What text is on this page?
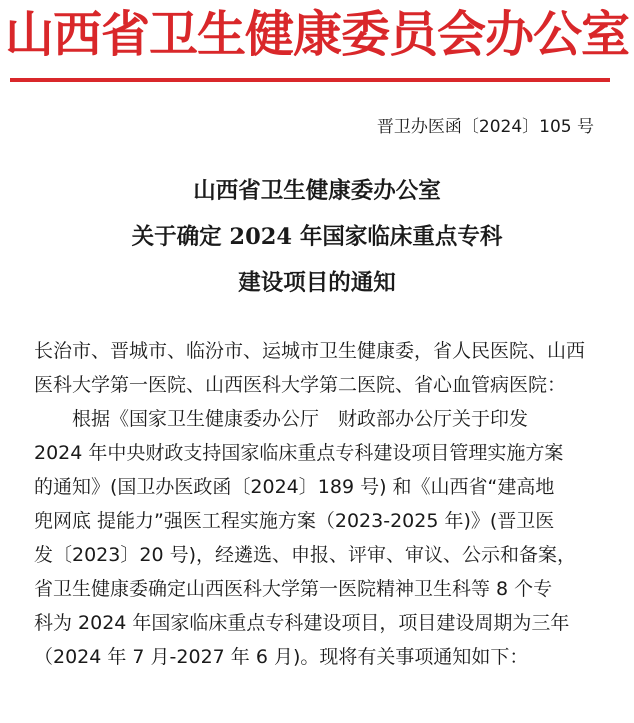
山西省卫生健康委员会办公室
晋卫办医函〔2024〕105 号
山西省卫生健康委办公室
关于确定 2024 年国家临床重点专科
建设项目的通知
长治市、晋城市、临汾市、运城市卫生健康委，省人民医院、山西
医科大学第一医院、山西医科大学第二医院、省心血管病医院：
根据《国家卫生健康委办公厅　财政部办公厅关于印发
2024 年中央财政支持国家临床重点专科建设项目管理实施方案
的通知》(国卫办医政函〔2024〕189 号) 和《山西省“建高地
兜网底 提能力”强医工程实施方案（2023-2025 年)》(晋卫医
发〔2023〕20 号)，经遴选、申报、评审、审议、公示和备案，
省卫生健康委确定山西医科大学第一医院精神卫生科等 8 个专
科为 2024 年国家临床重点专科建设项目，项目建设周期为三年
（2024 年 7 月-2027 年 6 月)。现将有关事项通知如下：
